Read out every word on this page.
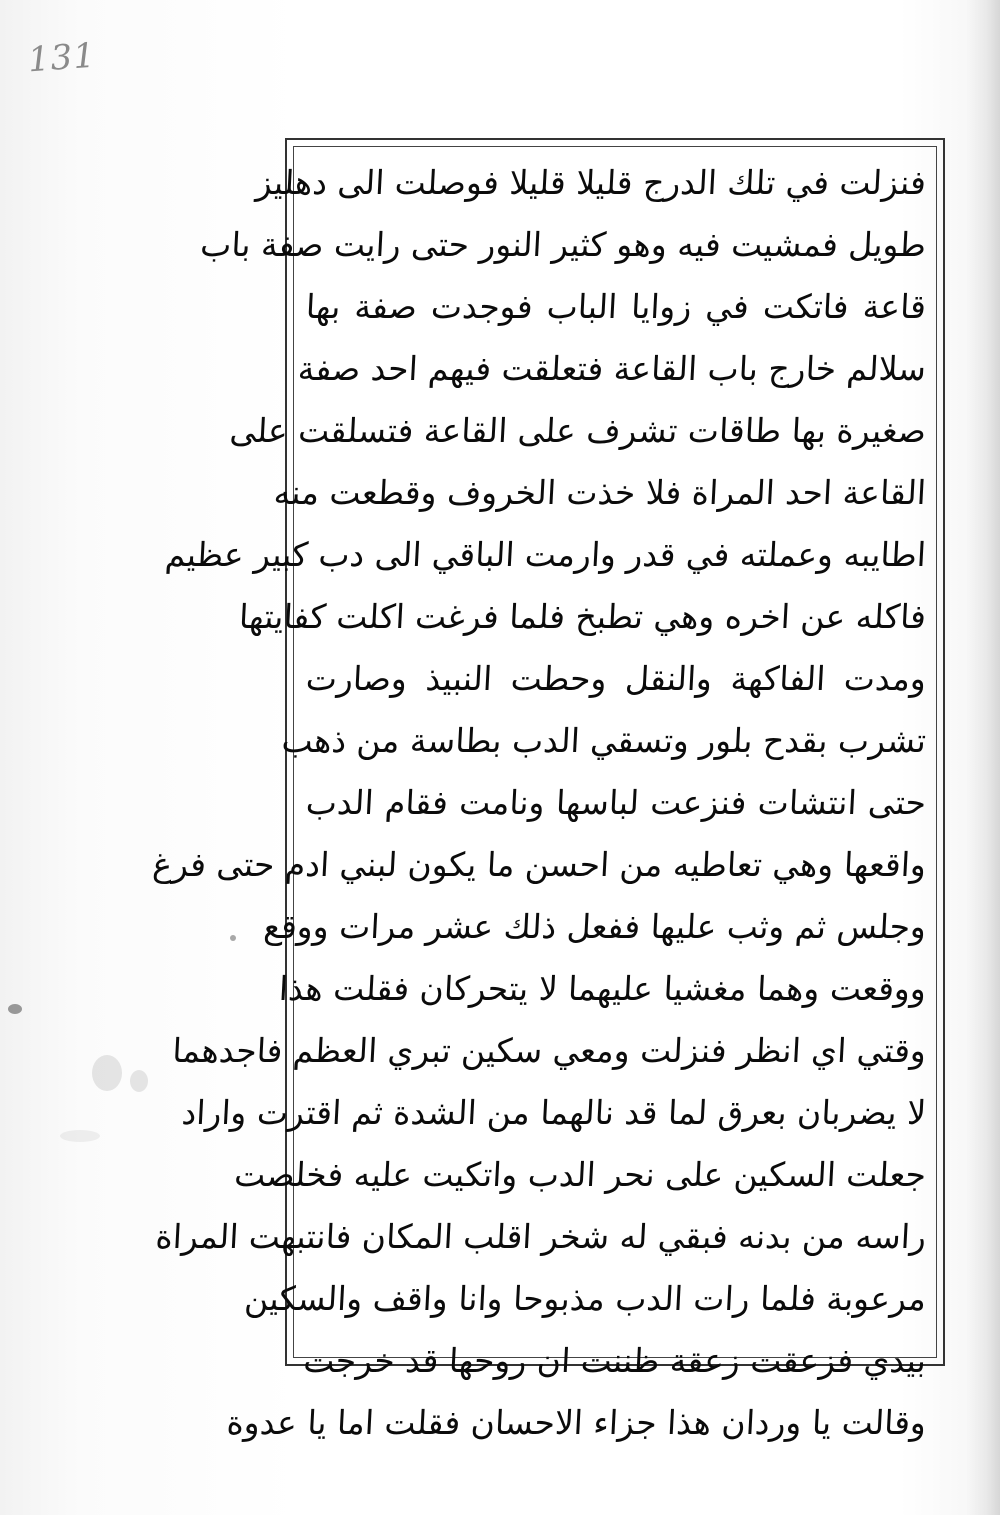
131
فنزلت في تلك الدرج قليلا قليلا فوصلت الى دهليز
طويل فمشيت فيه وهو كثير النور حتى رايت صفة باب
قاعة فاتكت في زوايا الباب فوجدت صفة بها
سلالم خارج باب القاعة فتعلقت فيهم احد صفة
صغيرة بها طاقات تشرف على القاعة فتسلقت على
القاعة احد المراة فلا خذت الخروف وقطعت منه
اطايبه وعملته في قدر وارمت الباقي الى دب كبير عظيم
فاكله عن اخره وهي تطبخ فلما فرغت اكلت كفايتها
ومدت الفاكهة والنقل وحطت النبيذ وصارت
تشرب بقدح بلور وتسقي الدب بطاسة من ذهب
حتى انتشات فنزعت لباسها ونامت فقام الدب
واقعها وهي تعاطيه من احسن ما يكون لبني ادم حتى فرغ
وجلس ثم وثب عليها ففعل ذلك عشر مرات ووقع
ووقعت وهما مغشيا عليهما لا يتحركان فقلت هذا
وقتي اي انظر فنزلت ومعي سكين تبري العظم فاجدهما
لا يضربان بعرق لما قد نالهما من الشدة ثم اقترت واراد
جعلت السكين على نحر الدب واتكيت عليه فخلصت
راسه من بدنه فبقي له شخر اقلب المكان فانتبهت المراة
مرعوبة فلما رات الدب مذبوحا وانا واقف والسكين
بيدي فزعقت زعقة ظننت ان روحها قد خرجت
وقالت يا وردان هذا جزاء الاحسان فقلت اما يا عدوة
